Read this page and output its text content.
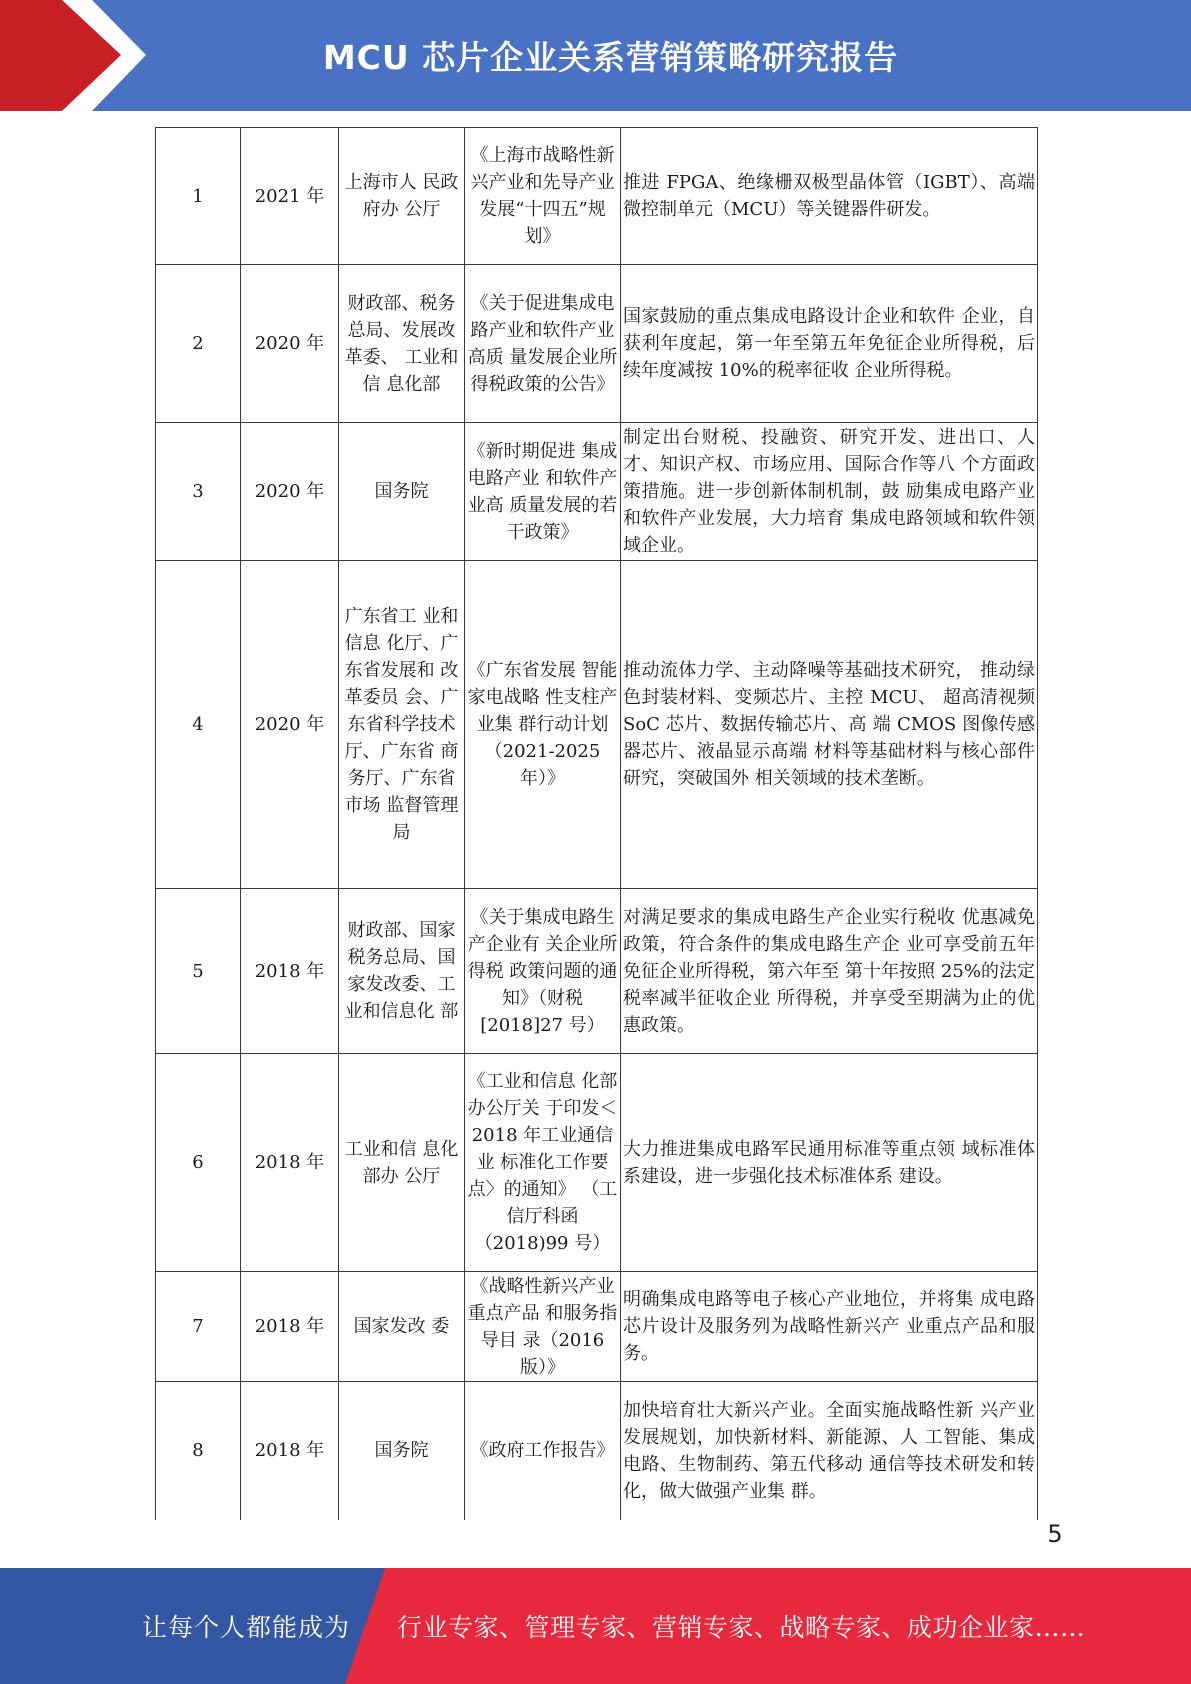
MCU 芯片企业关系营销策略研究报告
1	2021 年	上海市人 民政府办 公厅	《上海市战略性新兴产业和先导产业发展“十四五”规划》	推进 FPGA、绝缘栅双极型晶体管（IGBT）、高端微控制单元（MCU）等关键器件研发。
2	2020 年	财政部、税务总局、发展改革委、 工业和信 息化部	《关于促进集成电路产业和软件产业高质 量发展企业所 得税政策的公告》	国家鼓励的重点集成电路设计企业和软件 企业，自获利年度起，第一年至第五年免征企业所得税，后续年度减按 10%的税率征收 企业所得税。
3	2020 年	国务院	《新时期促进 集成电路产业 和软件产业高 质量发展的若 干政策》	制定出台财税、投融资、研究开发、进出口、人才、知识产权、市场应用、国际合作等八 个方面政策措施。进一步创新体制机制，鼓 励集成电路产业和软件产业发展，大力培育 集成电路领域和软件领域企业。
4	2020 年	广东省工 业和信息 化厅、广东省发展和 改革委员 会、广东省科学技术 厅、广东省 商务厅、广东省市场 监督管理 局	《广东省发展 智能家电战略 性支柱产业集 群行动计划（2021-2025 年）》	推动流体力学、主动降噪等基础技术研究， 推动绿色封装材料、变频芯片、主控 MCU、 超高清视频 SoC 芯片、数据传输芯片、高 端 CMOS 图像传感器芯片、液晶显示髙端 材料等基础材料与核心部件研究，突破国外 相关领域的技术垄断。
5	2018 年	财政部、国家税务总局、国家发改委、工业和信息化 部	《关于集成电路生产企业有 关企业所得税 政策问题的通知》（财税[2018]27 号）	对满足要求的集成电路生产企业实行税收 优惠减免政策，符合条件的集成电路生产企 业可享受前五年免征企业所得税，第六年至 第十年按照 25%的法定税率减半征收企业 所得税，并享受至期满为止的优惠政策。
6	2018 年	工业和信 息化部办 公厅	《工业和信息 化部办公厅关 于印发＜2018 年工业通信业 标准化工作要 点〉的通知》 （工信厅科函 （2018)99 号）	大力推进集成电路军民通用标准等重点领 域标准体系建设，进一步强化技术标准体系 建设。
7	2018 年	国家发改 委	《战略性新兴产业重点产品 和服务指导目 录（2016 版）》	明确集成电路等电子核心产业地位，并将集 成电路芯片设计及服务列为战略性新兴产 业重点产品和服务。
8	2018 年	国务院	《政府工作报告》	加快培育壮大新兴产业。全面实施战略性新 兴产业发展规划，加快新材料、新能源、人 工智能、集成电路、生物制药、第五代移动 通信等技术研发和转化，做大做强产业集 群。
5
让每个人都能成为 行业专家、管理专家、营销专家、战略专家、成功企业家……
